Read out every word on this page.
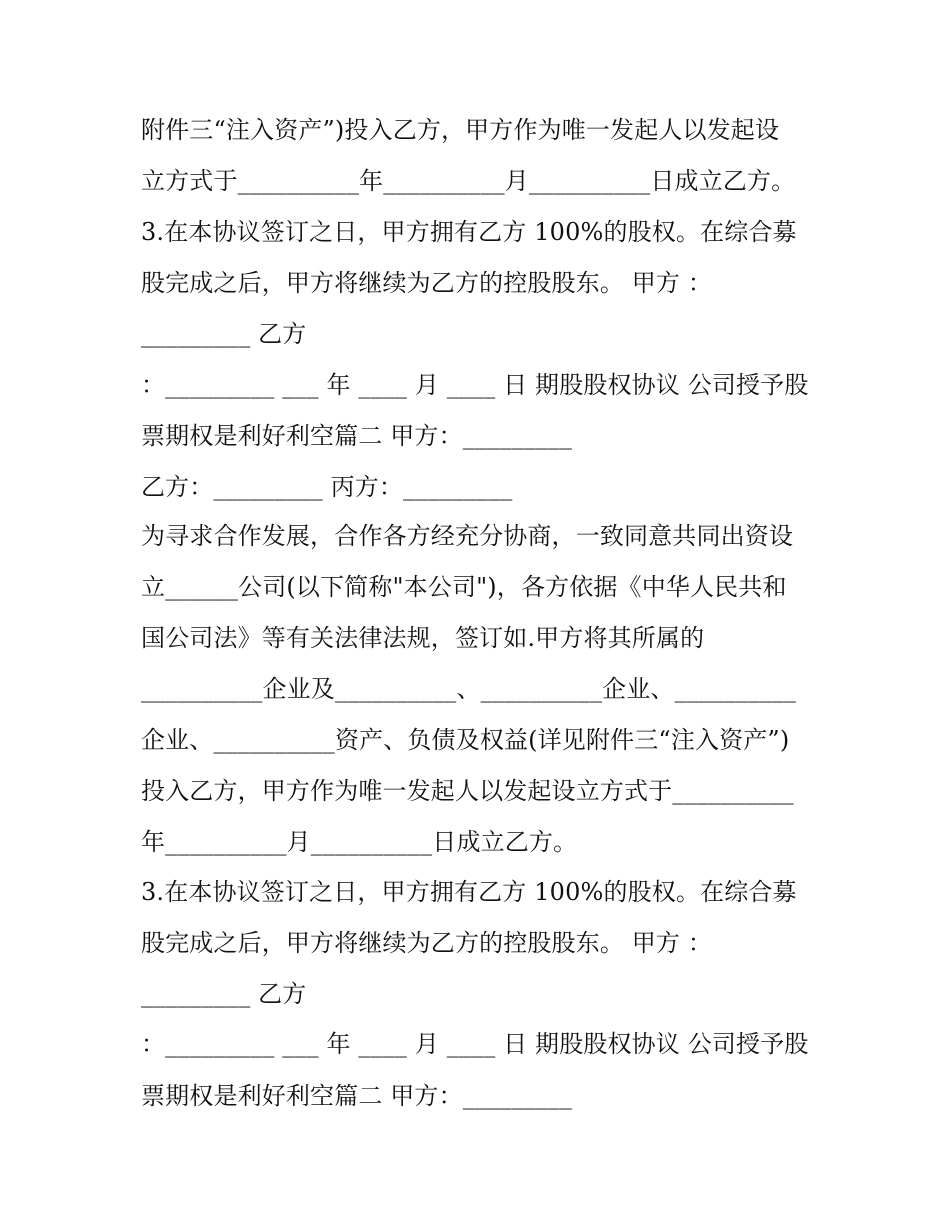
附件三“注入资产”)投入乙方，甲方作为唯一发起人以发起设
立方式于__________年__________月__________日成立乙方。
3.在本协议签订之日，甲方拥有乙方 100%的股权。在综合募
股完成之后，甲方将继续为乙方的控股股东。 甲方 ：
_________ 乙方
：_________ ___ 年 ____ 月 ____ 日 期股股权协议 公司授予股
票期权是利好利空篇二 甲方：_________
乙方：_________ 丙方：_________
为寻求合作发展，合作各方经充分协商，一致同意共同出资设
立______公司(以下简称"本公司")，各方依据《中华人民共和
国公司法》等有关法律法规，签订如.甲方将其所属的
__________企业及__________、__________企业、__________
企业、__________资产、负债及权益(详见附件三“注入资产”)
投入乙方，甲方作为唯一发起人以发起设立方式于__________
年__________月__________日成立乙方。
3.在本协议签订之日，甲方拥有乙方 100%的股权。在综合募
股完成之后，甲方将继续为乙方的控股股东。 甲方 ：
_________ 乙方
：_________ ___ 年 ____ 月 ____ 日 期股股权协议 公司授予股
票期权是利好利空篇二 甲方：_________
